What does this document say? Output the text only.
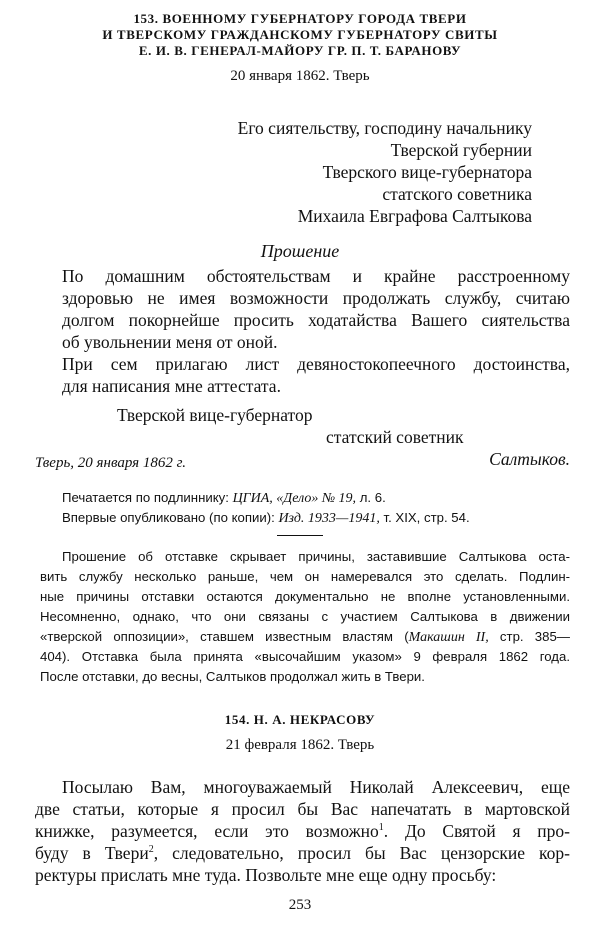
153. ВОЕННОМУ ГУБЕРНАТОРУ ГОРОДА ТВЕРИ
И ТВЕРСКОМУ ГРАЖДАНСКОМУ ГУБЕРНАТОРУ СВИТЫ
Е. И. В. ГЕНЕРАЛ-МАЙОРУ ГР. П. Т. БАРАНОВУ
20 января 1862. Тверь
Его сиятельству, господину начальнику
Тверской губернии
Тверского вице-губернатора
статского советника
Михаила Евграфова Салтыкова
Прошение
По домашним обстоятельствам и крайне расстроенному
здоровью не имея возможности продолжать службу, считаю
долгом покорнейше просить ходатайства Вашего сиятельства
об увольнении меня от оной.
При сем прилагаю лист девяностокопеечного достоинства,
для написания мне аттестата.
Тверской вице-губернатор
статский советник
Салтыков.
Тверь, 20 января 1862 г.
Печатается по подлиннику: ЦГИА, «Дело» № 19, л. 6.
Впервые опубликовано (по копии): Изд. 1933—1941, т. XIX, стр. 54.
Прошение об отставке скрывает причины, заставившие Салтыкова оста-
вить службу несколько раньше, чем он намеревался это сделать. Подлин-
ные причины отставки остаются документально не вполне установленными.
Несомненно, однако, что они связаны с участием Салтыкова в движении
«тверской оппозиции», ставшем известным властям (Макашин II, стр. 385—
404). Отставка была принята «высочайшим указом» 9 февраля 1862 года.
После отставки, до весны, Салтыков продолжал жить в Твери.
154. Н. А. НЕКРАСОВУ
21 февраля 1862. Тверь
Посылаю Вам, многоуважаемый Николай Алексеевич, еще
две статьи, которые я просил бы Вас напечатать в мартовской
книжке, разумеется, если это возможно$^1$. До Святой я про-
буду в Твери$^2$, следовательно, просил бы Вас цензорские кор-
ректуры прислать мне туда. Позвольте мне еще одну просьбу:
253
